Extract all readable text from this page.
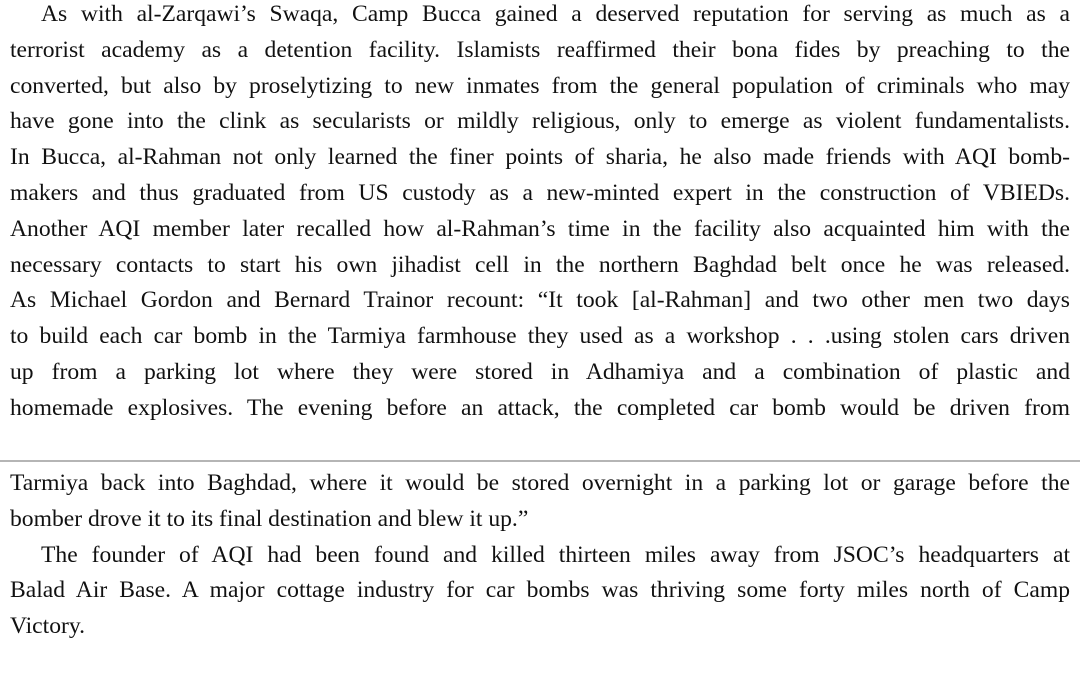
As with al-Zarqawi’s Swaqa, Camp Bucca gained a deserved reputation for serving as much as a
terrorist academy as a detention facility. Islamists reaffirmed their bona fides by preaching to the
converted, but also by proselytizing to new inmates from the general population of criminals who may
have gone into the clink as secularists or mildly religious, only to emerge as violent fundamentalists.
In Bucca, al-Rahman not only learned the finer points of sharia, he also made friends with AQI bomb-
makers and thus graduated from US custody as a new-minted expert in the construction of VBIEDs.
Another AQI member later recalled how al-Rahman’s time in the facility also acquainted him with the
necessary contacts to start his own jihadist cell in the northern Baghdad belt once he was released.
As Michael Gordon and Bernard Trainor recount: “It took [al-Rahman] and two other men two days
to build each car bomb in the Tarmiya farmhouse they used as a workshop . . .using stolen cars driven
up from a parking lot where they were stored in Adhamiya and a combination of plastic and
homemade explosives. The evening before an attack, the completed car bomb would be driven from
Tarmiya back into Baghdad, where it would be stored overnight in a parking lot or garage before the
bomber drove it to its final destination and blew it up.”
The founder of AQI had been found and killed thirteen miles away from JSOC’s headquarters at
Balad Air Base. A major cottage industry for car bombs was thriving some forty miles north of Camp
Victory.
